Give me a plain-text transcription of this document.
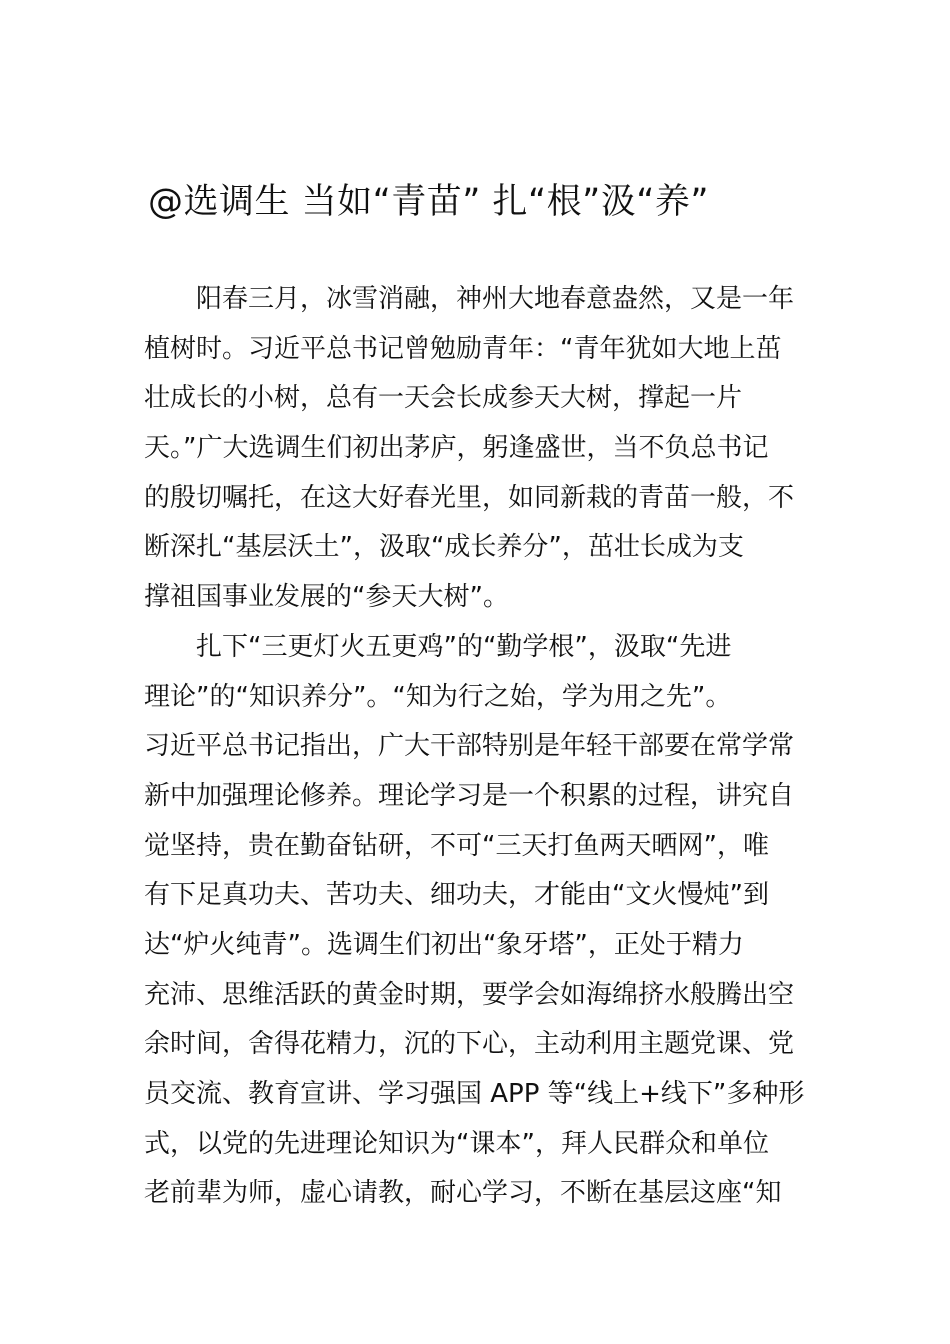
@选调生 当如“青苗” 扎“根”汲“养”
阳春三月，冰雪消融，神州大地春意盎然，又是一年
植树时。习近平总书记曾勉励青年：“青年犹如大地上茁
壮成长的小树，总有一天会长成参天大树，撑起一片
天。”广大选调生们初出茅庐，躬逢盛世，当不负总书记
的殷切嘱托，在这大好春光里，如同新栽的青苗一般，不
断深扎“基层沃土”，汲取“成长养分”，茁壮长成为支
撑祖国事业发展的“参天大树”。
扎下“三更灯火五更鸡”的“勤学根”，汲取“先进
理论”的“知识养分”。“知为行之始，学为用之先”。
习近平总书记指出，广大干部特别是年轻干部要在常学常
新中加强理论修养。理论学习是一个积累的过程，讲究自
觉坚持，贵在勤奋钻研，不可“三天打鱼两天晒网”，唯
有下足真功夫、苦功夫、细功夫，才能由“文火慢炖”到
达“炉火纯青”。选调生们初出“象牙塔”，正处于精力
充沛、思维活跃的黄金时期，要学会如海绵挤水般腾出空
余时间，舍得花精力，沉的下心，主动利用主题党课、党
员交流、教育宣讲、学习强国 APP 等“线上+线下”多种形
式，以党的先进理论知识为“课本”，拜人民群众和单位
老前辈为师，虚心请教，耐心学习，不断在基层这座“知
